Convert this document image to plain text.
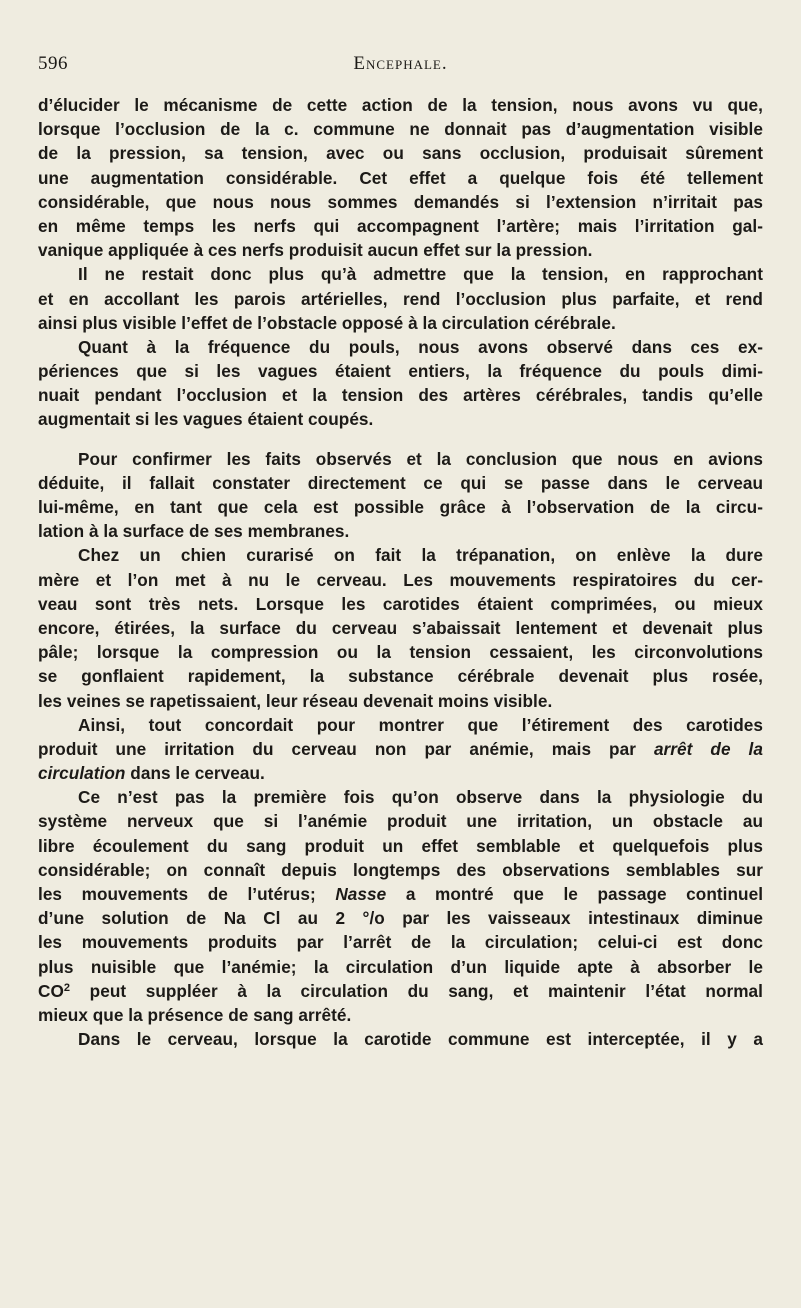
596	Encephale.
d’élucider le mécanisme de cette action de la tension, nous avons vu que,
lorsque l’occlusion de la c. commune ne donnait pas d’augmentation visible
de la pression, sa tension, avec ou sans occlusion, produisait sûrement
une augmentation considérable. Cet effet a quelque fois été tellement
considérable, que nous nous sommes demandés si l’extension n’irritait pas
en même temps les nerfs qui accompagnent l’artère; mais l’irritation gal-
vanique appliquée à ces nerfs produisit aucun effet sur la pression.
Il ne restait donc plus qu’à admettre que la tension, en rapprochant
et en accollant les parois artérielles, rend l’occlusion plus parfaite, et rend
ainsi plus visible l’effet de l’obstacle opposé à la circulation cérébrale.
Quant à la fréquence du pouls, nous avons observé dans ces ex-
périences que si les vagues étaient entiers, la fréquence du pouls dimi-
nuait pendant l’occlusion et la tension des artères cérébrales, tandis qu’elle
augmentait si les vagues étaient coupés.
Pour confirmer les faits observés et la conclusion que nous en avions
déduite, il fallait constater directement ce qui se passe dans le cerveau
lui-même, en tant que cela est possible grâce à l’observation de la circu-
lation à la surface de ses membranes.
Chez un chien curarisé on fait la trépanation, on enlève la dure
mère et l’on met à nu le cerveau. Les mouvements respiratoires du cer-
veau sont très nets. Lorsque les carotides étaient comprimées, ou mieux
encore, étirées, la surface du cerveau s’abaissait lentement et devenait plus
pâle; lorsque la compression ou la tension cessaient, les circonvolutions
se gonflaient rapidement, la substance cérébrale devenait plus rosée,
les veines se rapetissaient, leur réseau devenait moins visible.
Ainsi, tout concordait pour montrer que l’étirement des carotides
produit une irritation du cerveau non par anémie, mais par arrêt de la
circulation dans le cerveau.
Ce n’est pas la première fois qu’on observe dans la physiologie du
système nerveux que si l’anémie produit une irritation, un obstacle au
libre écoulement du sang produit un effet semblable et quelquefois plus
considérable; on connaît depuis longtemps des observations semblables sur
les mouvements de l’utérus; Nasse a montré que le passage continuel
d’une solution de Na Cl au 2 °/o par les vaisseaux intestinaux diminue
les mouvements produits par l’arrêt de la circulation; celui-ci est donc
plus nuisible que l’anémie; la circulation d’un liquide apte à absorber le
$CO^2$ peut suppléer à la circulation du sang, et maintenir l’état normal
mieux que la présence de sang arrêté.
Dans le cerveau, lorsque la carotide commune est interceptée, il y a
